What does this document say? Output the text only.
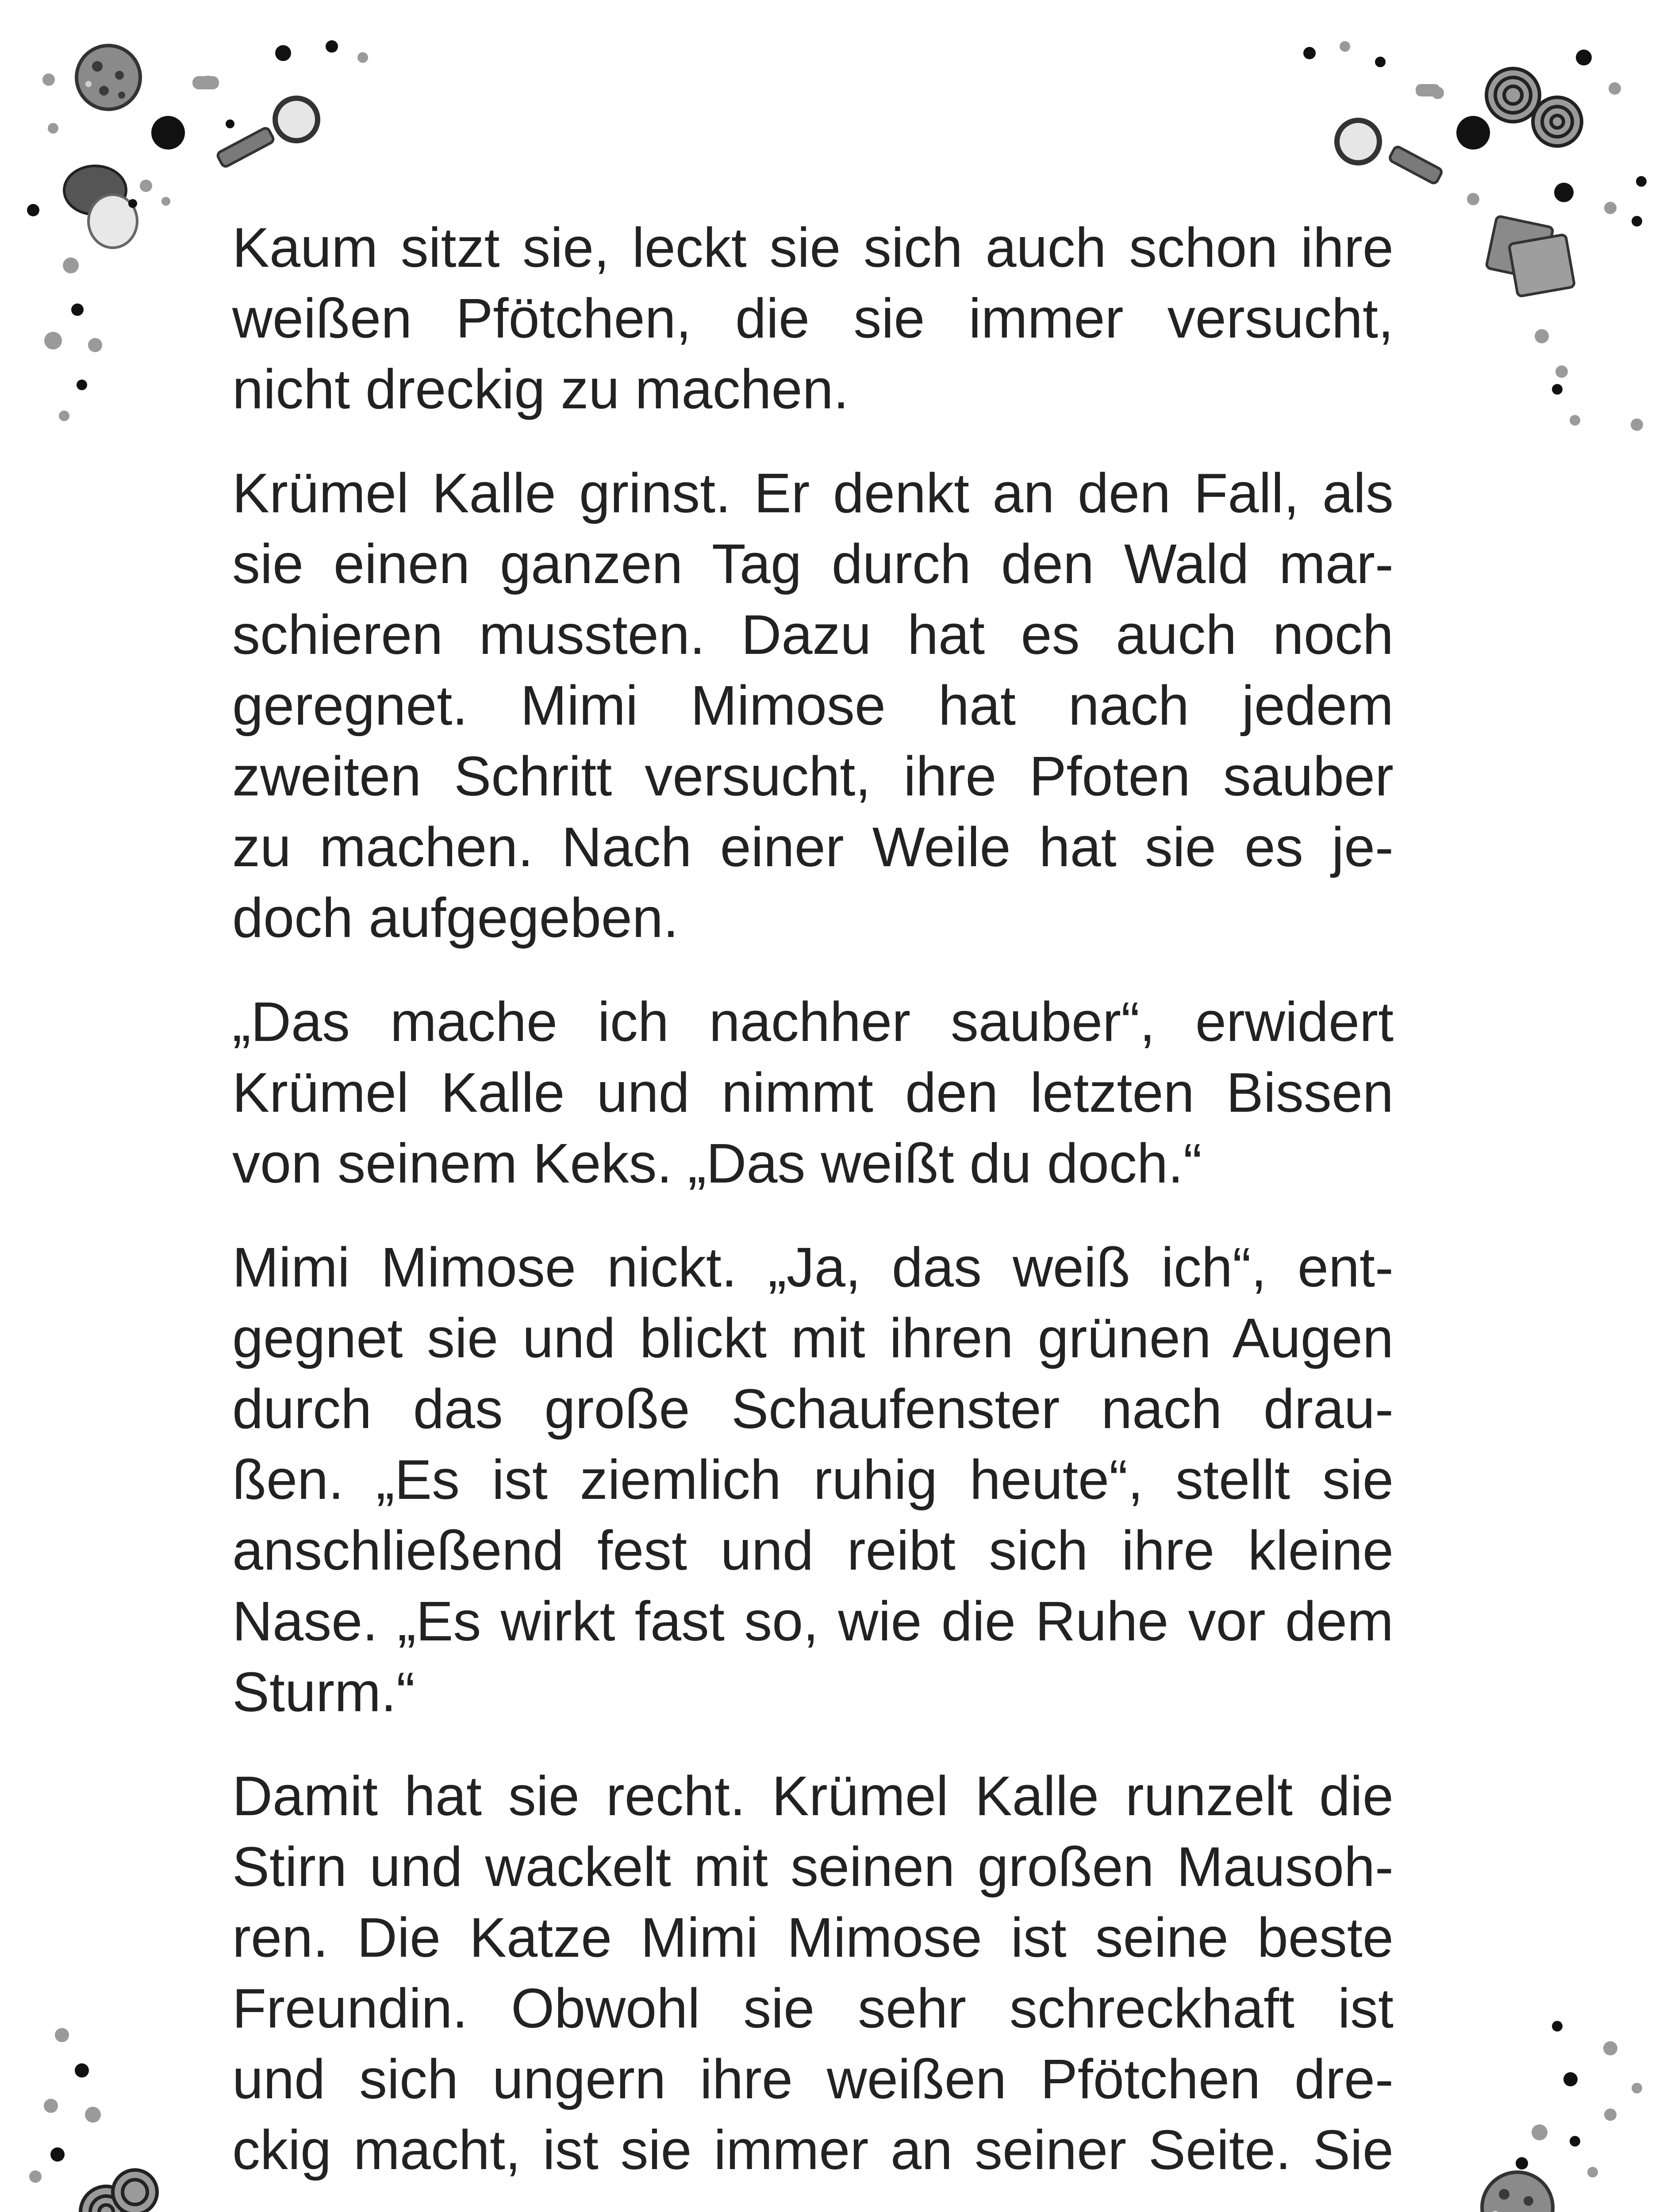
Kaum sitzt sie, leckt sie sich auch schon ihre
weißen Pfötchen, die sie immer versucht,
nicht dreckig zu machen.

Krümel Kalle grinst. Er denkt an den Fall, als
sie einen ganzen Tag durch den Wald mar-
schieren mussten. Dazu hat es auch noch
geregnet. Mimi Mimose hat nach jedem
zweiten Schritt versucht, ihre Pfoten sauber
zu machen. Nach einer Weile hat sie es je-
doch aufgegeben.

„Das mache ich nachher sauber“, erwidert
Krümel Kalle und nimmt den letzten Bissen
von seinem Keks. „Das weißt du doch.“

Mimi Mimose nickt. „Ja, das weiß ich“, ent-
gegnet sie und blickt mit ihren grünen Augen
durch das große Schaufenster nach drau-
ßen. „Es ist ziemlich ruhig heute“, stellt sie
anschließend fest und reibt sich ihre kleine
Nase. „Es wirkt fast so, wie die Ruhe vor dem
Sturm.“

Damit hat sie recht. Krümel Kalle runzelt die
Stirn und wackelt mit seinen großen Mausoh-
ren. Die Katze Mimi Mimose ist seine beste
Freundin. Obwohl sie sehr schreckhaft ist
und sich ungern ihre weißen Pfötchen dre-
ckig macht, ist sie immer an seiner Seite. Sie
